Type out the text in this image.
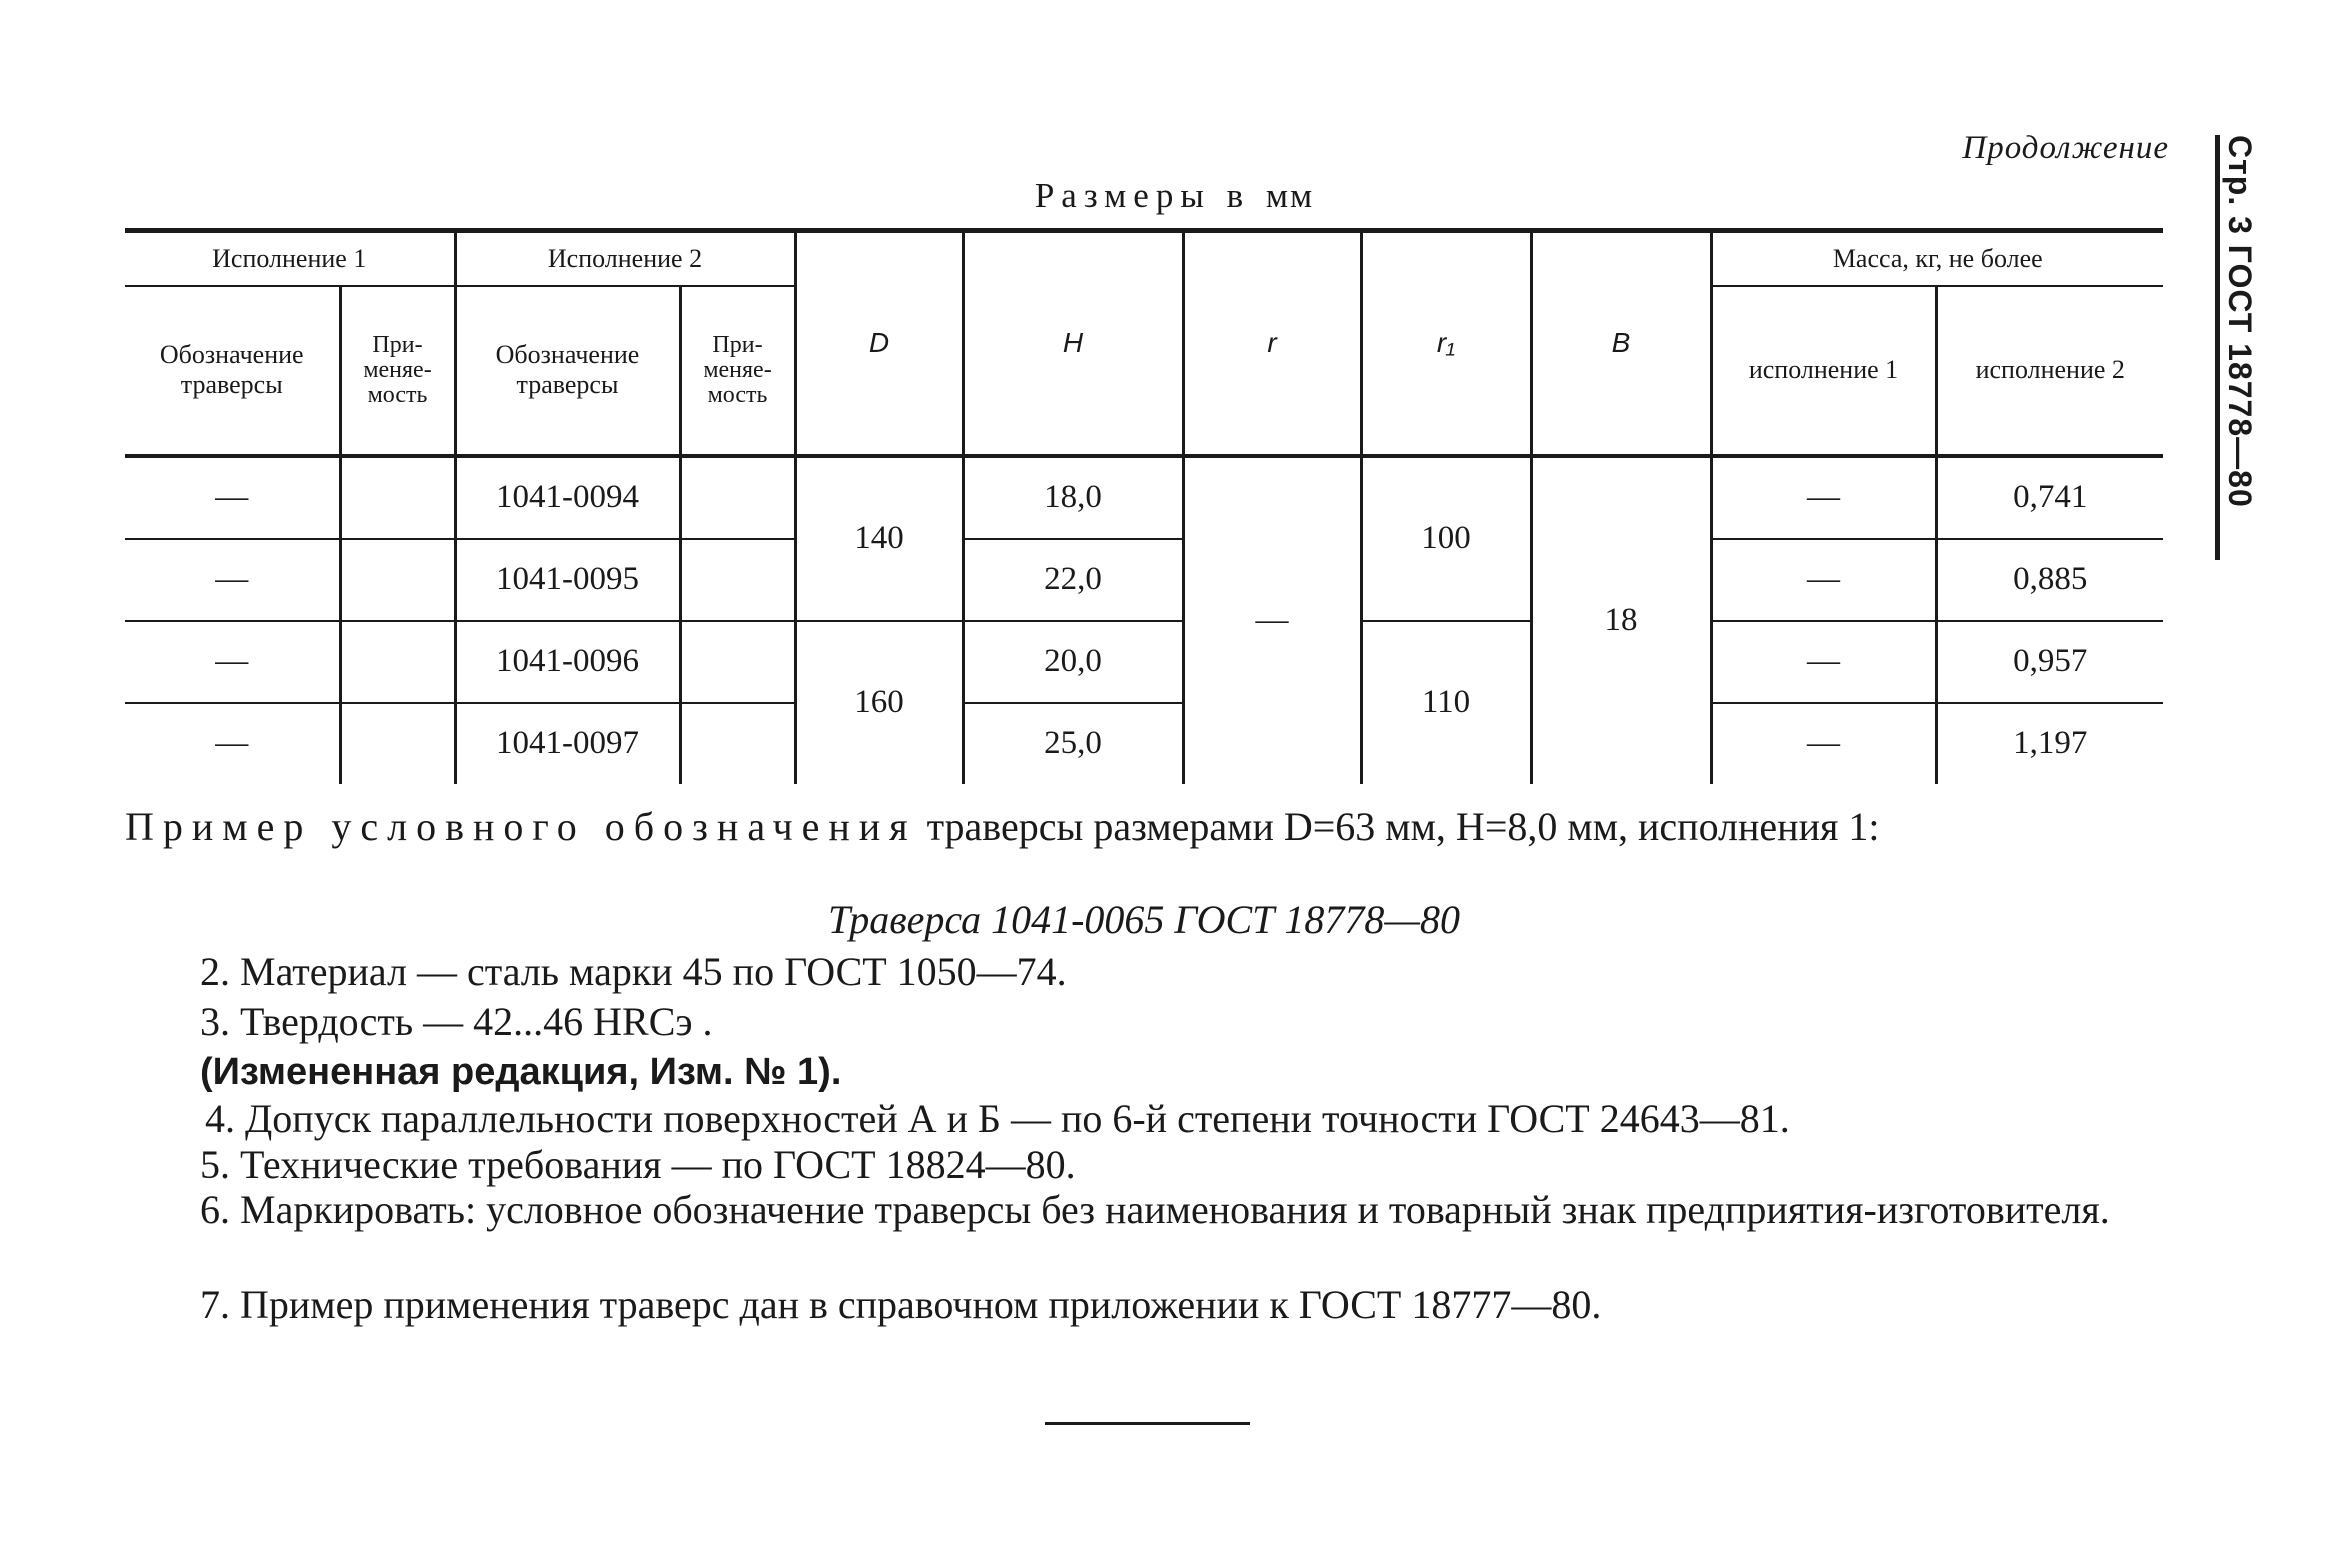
Продолжение	Стр. 3 ГОСТ 18778—80
Размеры в мм
Исполнение 1		Исполнение 2		D	H	r	r₁	B	Масса, кг, не более	
Обозначение траверсы	При-меняе-мость	Обозначение траверсы	При-меняе-мость						исполнение 1	исполнение 2
—		1041-0094		140	18,0	—	100	18	—	0,741
—		1041-0095			22,0				—	0,885
—		1041-0096		160	20,0		110		—	0,957
—		1041-0097			25,0				—	1,197
Пример условного обозначения траверсы размерами D=63 мм, H=8,0 мм, исполнения 1:
Траверса 1041-0065 ГОСТ 18778—80
2. Материал — сталь марки 45 по ГОСТ 1050—74.
3. Твердость — 42...46 HRCэ .
(Измененная редакция, Изм. № 1).
4. Допуск параллельности поверхностей А и Б — по 6-й степени точности ГОСТ 24643—81.
5. Технические требования — по ГОСТ 18824—80.
6. Маркировать: условное обозначение траверсы без наименования и товарный знак предприятия-изготовителя.
7. Пример применения траверс дан в справочном приложении к ГОСТ 18777—80.
